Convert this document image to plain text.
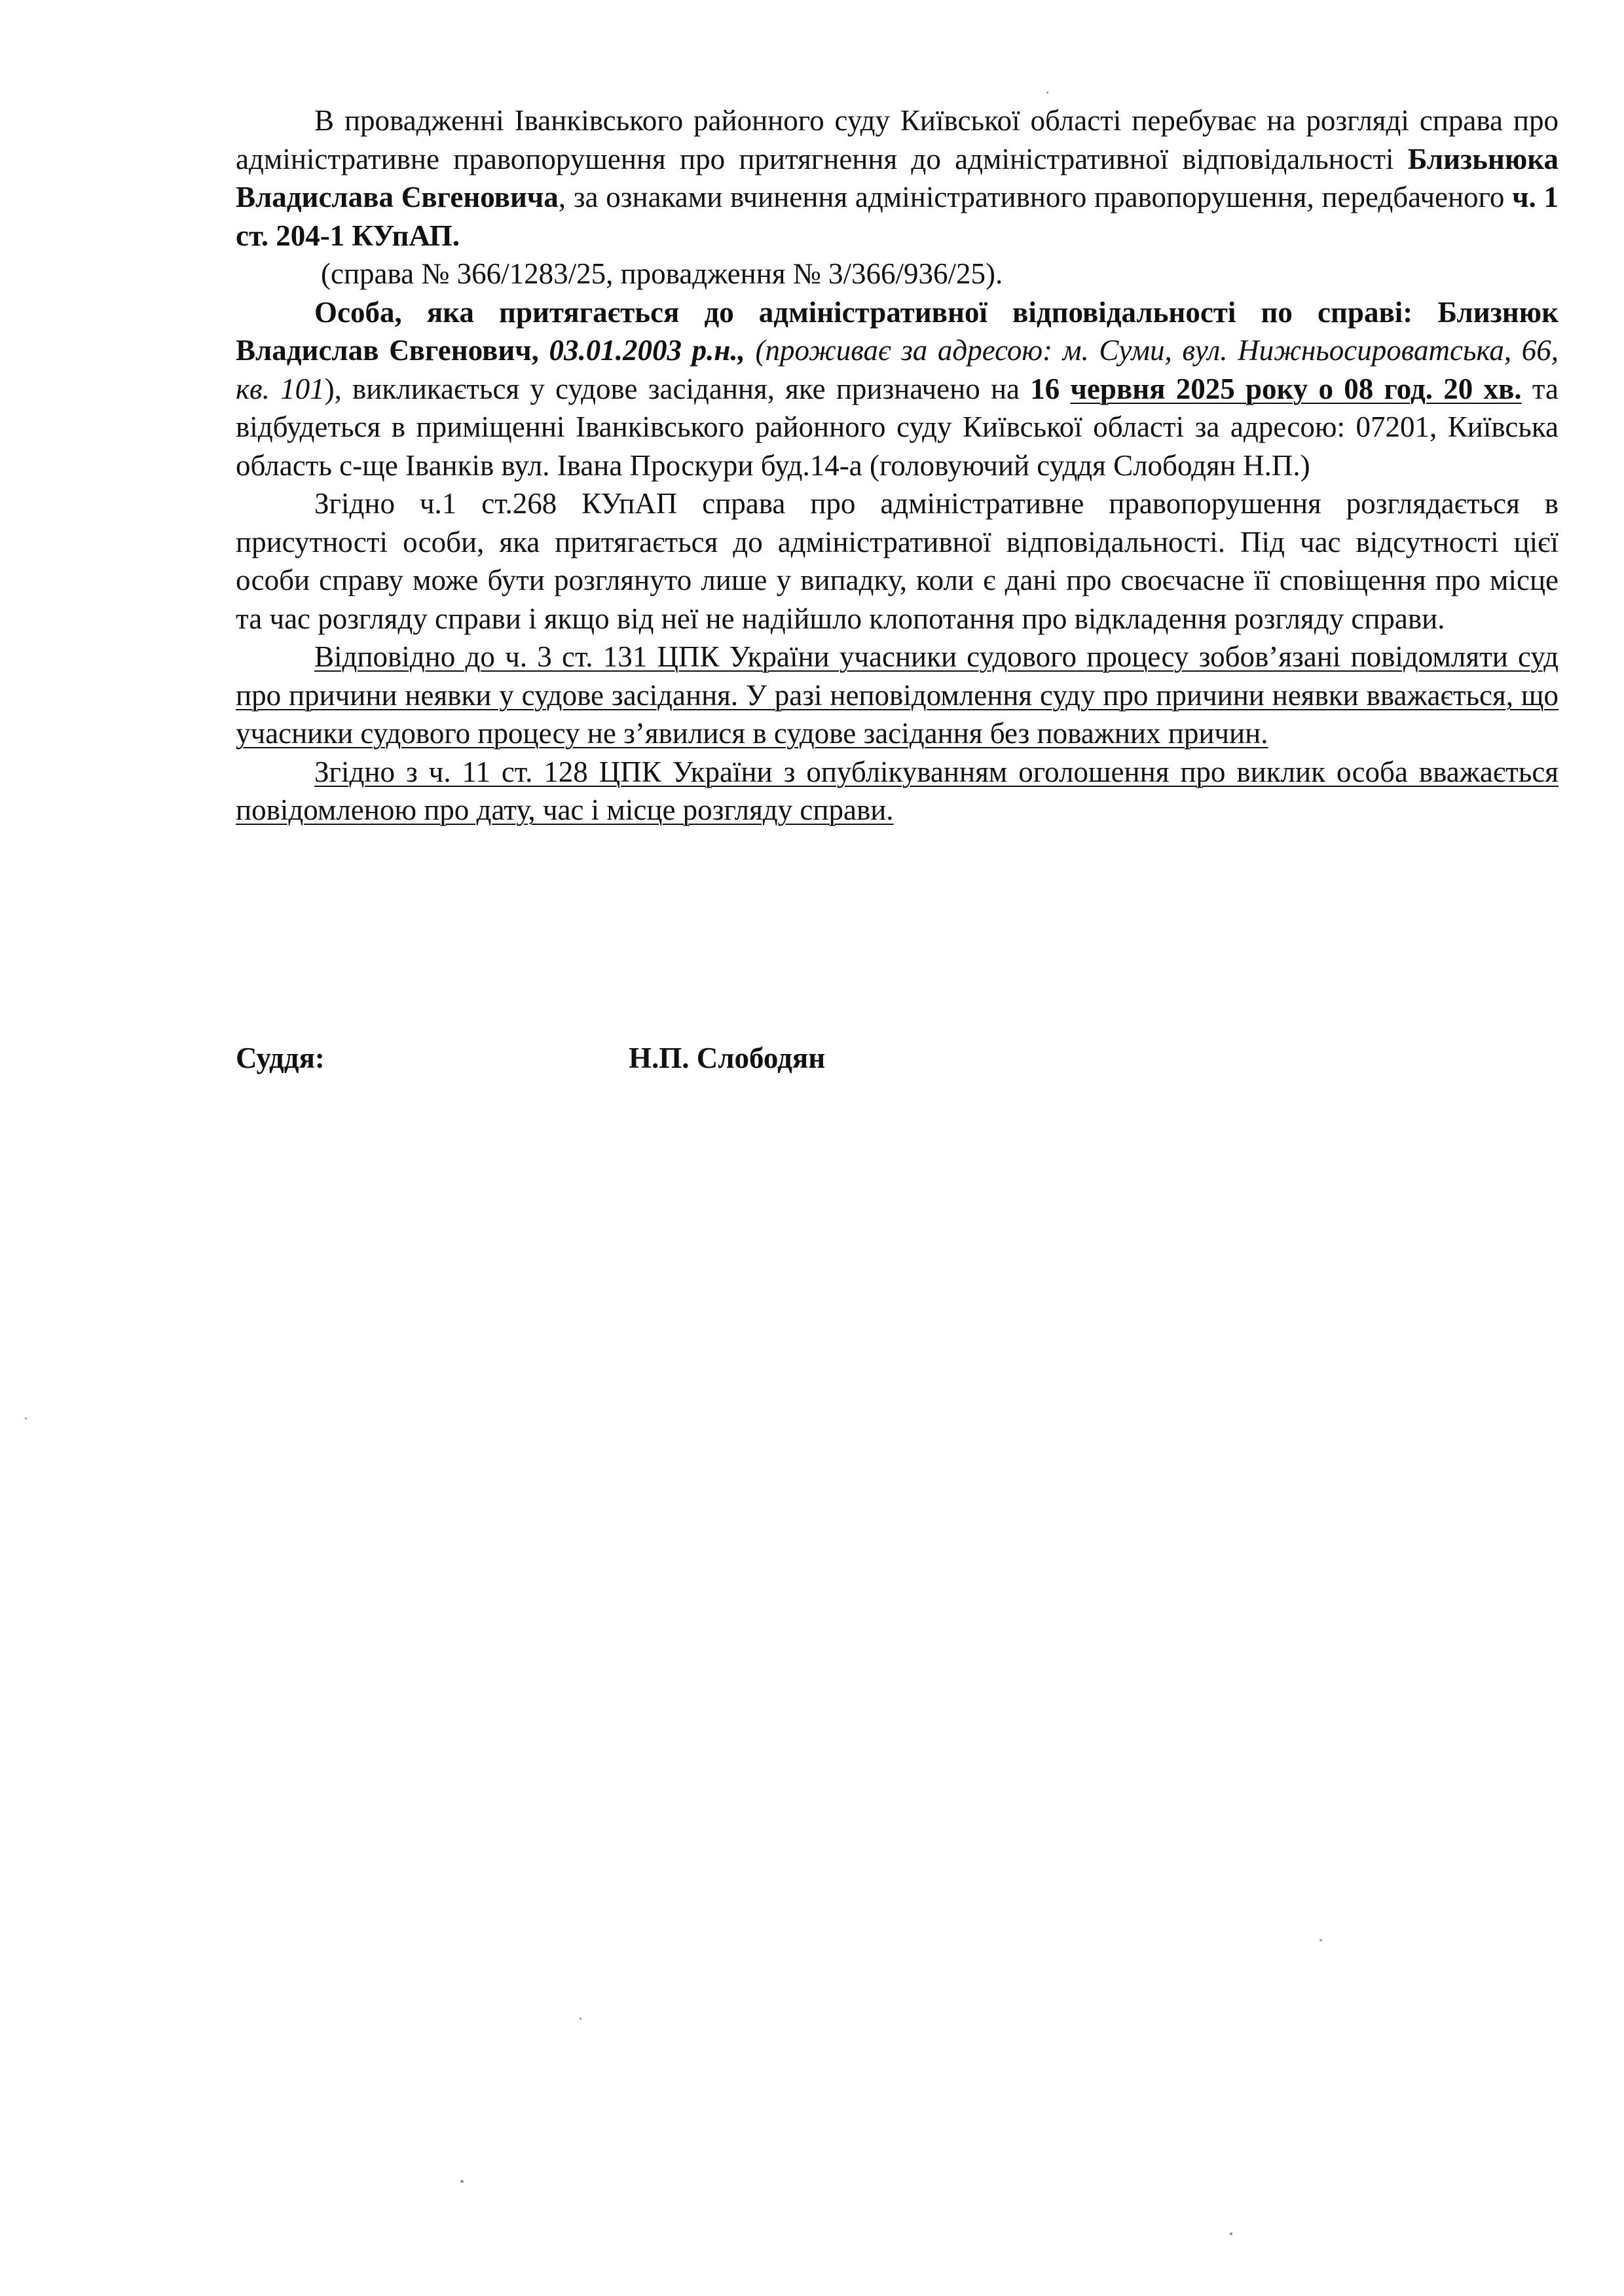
В провадженні Іванківського районного суду Київської області перебуває на розгляді справа про адміністративне правопорушення про притягнення до адміністративної відповідальності Близьнюка Владислава Євгеновича, за ознаками вчинення адміністративного правопорушення, передбаченого ч. 1 ст. 204-1 КУпАП.

(справа № 366/1283/25, провадження № 3/366/936/25).

Особа, яка притягається до адміністративної відповідальності по справі: Близнюк Владислав Євгенович, 03.01.2003 р.н., (проживає за адресою: м. Суми, вул. Нижньосироватська, 66, кв. 101), викликається у судове засідання, яке призначено на 16 червня 2025 року о 08 год. 20 хв. та відбудеться в приміщенні Іванківського районного суду Київської області за адресою: 07201, Київська область с-ще Іванків вул. Івана Проскури буд.14-а (головуючий суддя Слободян Н.П.)

Згідно ч.1 ст.268 КУпАП справа про адміністративне правопорушення розглядається в присутності особи, яка притягається до адміністративної відповідальності. Під час відсутності цієї особи справу може бути розглянуто лише у випадку, коли є дані про своєчасне її сповіщення про місце та час розгляду справи і якщо від неї не надійшло клопотання про відкладення розгляду справи.

Відповідно до ч. 3 ст. 131 ЦПК України учасники судового процесу зобов’язані повідомляти суд про причини неявки у судове засідання. У разі неповідомлення суду про причини неявки вважається, що учасники судового процесу не з’явилися в судове засідання без поважних причин.

Згідно з ч. 11 ст. 128 ЦПК України з опублікуванням оголошення про виклик особа вважається повідомленою про дату, час і місце розгляду справи.

Суддя:	Н.П. Слободян
